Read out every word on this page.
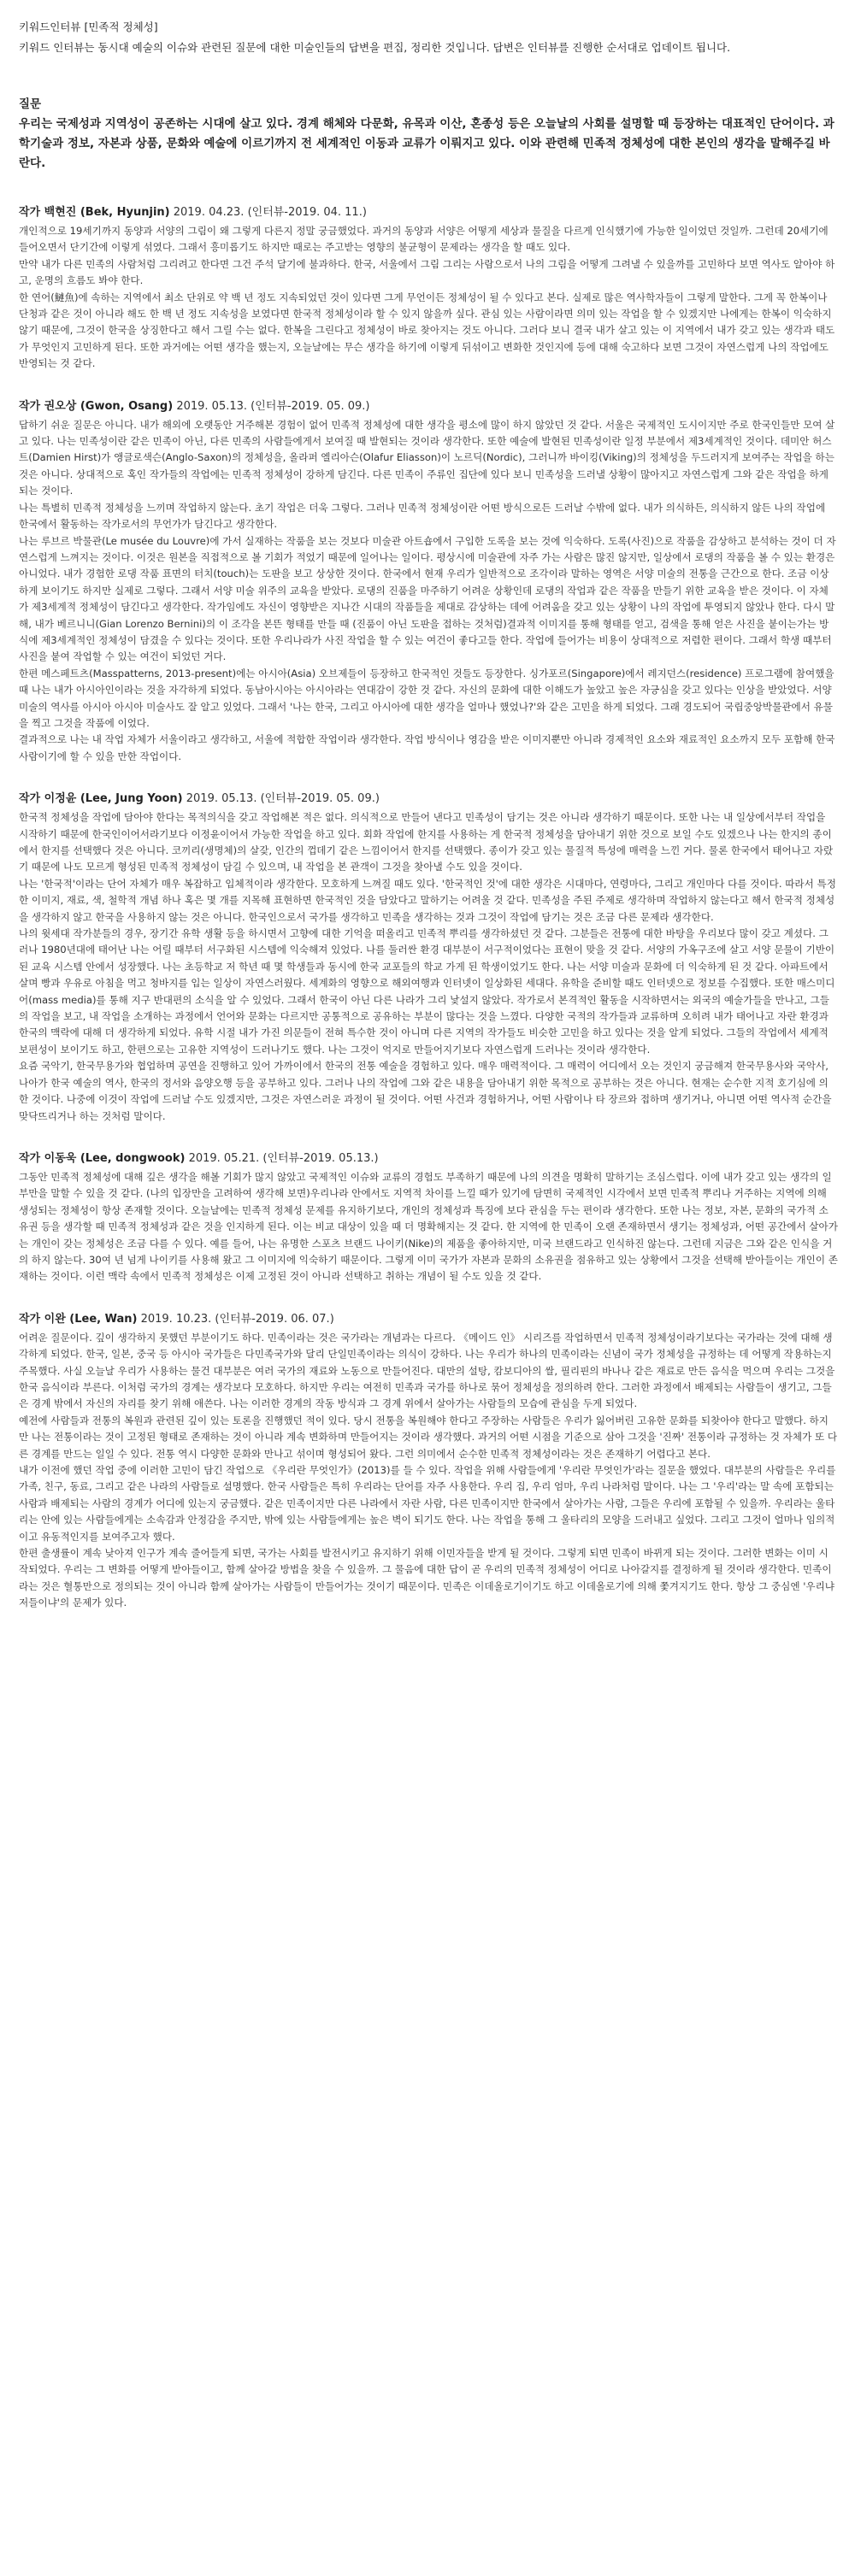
키워드인터뷰 [민족적 정체성]

키워드 인터뷰는 동시대 예술의 이슈와 관련된 질문에 대한 미술인들의 답변을 편집, 정리한 것입니다. 답변은 인터뷰를 진행한 순서대로 업데이트 됩니다.

질문

우리는 국제성과 지역성이 공존하는 시대에 살고 있다. 경계 해체와 다문화, 유목과 이산, 혼종성 등은 오늘날의 사회를 설명할 때 등장하는 대표적인 단어이다. 과학기술과 정보, 자본과 상품, 문화와 예술에 이르기까지 전 세계적인 이동과 교류가 이뤄지고 있다. 이와 관련해 민족적 정체성에 대한 본인의 생각을 말해주길 바란다.

작가 백현진 (Bek, Hyunjin) 2019. 04.23. (인터뷰-2019. 04. 11.)

개인적으로 19세기까지 동양과 서양의 그림이 왜 그렇게 다른지 정말 궁금했었다. 과거의 동양과 서양은 어떻게 세상과 물질을 다르게 인식했기에 가능한 일이었던 것일까. 그런데 20세기에 들어오면서 단기간에 이렇게 섞였다. 그래서 흥미롭기도 하지만 때로는 주고받는 영향의 불균형이 문제라는 생각을 할 때도 있다.

만약 내가 다른 민족의 사람처럼 그리려고 한다면 그건 주석 달기에 불과하다. 한국, 서울에서 그림 그리는 사람으로서 나의 그림을 어떻게 그려낼 수 있을까를 고민하다 보면 역사도 알아야 하고, 운명의 흐름도 봐야 한다.

한 연어(鰱魚)에 속하는 지역에서 최소 단위로 약 백 년 정도 지속되었던 것이 있다면 그게 무언이든 정체성이 될 수 있다고 본다. 실제로 많은 역사학자들이 그렇게 말한다. 그게 꼭 한복이나 단청과 같은 것이 아니라 해도 한 백 년 정도 지속성을 보였다면 한국적 정체성이라 할 수 있지 않을까 싶다. 관심 있는 사람이라면 의미 있는 작업을 할 수 있겠지만 나에게는 한복이 익숙하지 않기 때문에, 그것이 한국을 상징한다고 해서 그릴 수는 없다. 한복을 그린다고 정체성이 바로 찾아지는 것도 아니다. 그러다 보니 결국 내가 살고 있는 이 지역에서 내가 갖고 있는 생각과 태도가 무엇인지 고민하게 된다. 또한 과거에는 어떤 생각을 했는지, 오늘날에는 무슨 생각을 하기에 이렇게 뒤섞이고 변화한 것인지에 등에 대해 숙고하다 보면 그것이 자연스럽게 나의 작업에도 반영되는 것 같다.

작가 권오상 (Gwon, Osang) 2019. 05.13. (인터뷰-2019. 05. 09.)

답하기 쉬운 질문은 아니다. 내가 해외에 오랫동안 거주해본 경험이 없어 민족적 정체성에 대한 생각을 평소에 많이 하지 않았던 것 같다. 서울은 국제적인 도시이지만 주로 한국인들만 모여 살고 있다. 나는 민족성이란 같은 민족이 아닌, 다른 민족의 사람들에게서 보여질 때 발현되는 것이라 생각한다. 또한 예술에 발현된 민족성이란 일정 부분에서 제3세계적인 것이다. 데미안 허스트(Damien Hirst)가 앵글로색슨(Anglo-Saxon)의 정체성을, 올라퍼 엘리아슨(Olafur Eliasson)이 노르딕(Nordic), 그러니까 바이킹(Viking)의 정체성을 두드러지게 보여주는 작업을 하는 것은 아니다. 상대적으로 혹인 작가들의 작업에는 민족적 정체성이 강하게 담긴다. 다른 민족이 주류인 집단에 있다 보니 민족성을 드러낼 상황이 많아지고 자연스럽게 그와 같은 작업을 하게 되는 것이다.

나는 특별히 민족적 정체성을 느끼며 작업하지 않는다. 초기 작업은 더욱 그렇다. 그러나 민족적 정체성이란 어떤 방식으로든 드러날 수밖에 없다. 내가 의식하든, 의식하지 않든 나의 작업에 한국에서 활동하는 작가로서의 무언가가 담긴다고 생각한다.

나는 루브르 박물관(Le musée du Louvre)에 가서 실재하는 작품을 보는 것보다 미술관 아트숍에서 구입한 도록을 보는 것에 익숙하다. 도록(사진)으로 작품을 감상하고 분석하는 것이 더 자연스럽게 느껴지는 것이다. 이것은 원본을 직접적으로 볼 기회가 적었기 때문에 일어나는 일이다. 평상시에 미술관에 자주 가는 사람은 많진 않지만, 일상에서 로댕의 작품을 볼 수 있는 환경은 아니었다. 내가 경험한 로댕 작품 표면의 터치(touch)는 도판을 보고 상상한 것이다. 한국에서 현재 우리가 일반적으로 조각이라 말하는 영역은 서양 미술의 전통을 근간으로 한다. 조금 이상하게 보이기도 하지만 실제로 그렇다. 그래서 서양 미술 위주의 교육을 받았다. 로댕의 진품을 마주하기 어려운 상황인데 로댕의 작업과 같은 작품을 만들기 위한 교육을 받은 것이다. 이 자체가 제3세계적 정체성이 담긴다고 생각한다. 작가임에도 자신이 영향받은 지나간 시대의 작품들을 제대로 감상하는 데에 어려움을 갖고 있는 상황이 나의 작업에 투영되지 않았나 한다. 다시 말해, 내가 베르니니(Gian Lorenzo Bernini)의 이 조각을 본뜬 형태를 만들 때 (진품이 아닌 도판을 접하는 것처럼)결과적 이미지를 통해 형태를 얻고, 검색을 통해 얻은 사진을 붙이는가는 방식에 제3세계적인 정체성이 담겼을 수 있다는 것이다. 또한 우리나라가 사진 작업을 할 수 있는 여건이 좋다고들 한다. 작업에 들어가는 비용이 상대적으로 저렴한 편이다. 그래서 학생 때부터 사진을 붙여 작업할 수 있는 여건이 되었던 거다.

한편 메스페트츠(Masspatterns, 2013-present)에는 아시아(Asia) 오브제들이 등장하고 한국적인 것들도 등장한다. 싱가포르(Singapore)에서 레지던스(residence) 프로그램에 참여했을 때 나는 내가 아시아인이라는 것을 자각하게 되었다. 동남아시아는 아시아라는 연대감이 강한 것 같다. 자신의 문화에 대한 이해도가 높았고 높은 자긍심을 갖고 있다는 인상을 받았었다. 서양 미술의 역사를 아시아 아시아 미술사도 잘 알고 있었다. 그래서 '나는 한국, 그리고 아시아에 대한 생각을 얼마나 했었나?'와 같은 고민을 하게 되었다. 그래 경도되어 국립중앙박물관에서 유물을 찍고 그것을 작품에 이었다.

결과적으로 나는 내 작업 자체가 서울이라고 생각하고, 서울에 적합한 작업이라 생각한다. 작업 방식이나 영감을 받은 이미지뿐만 아니라 경제적인 요소와 재료적인 요소까지 모두 포함해 한국 사람이기에 할 수 있을 만한 작업이다.

작가 이정윤 (Lee, Jung Yoon) 2019. 05.13. (인터뷰-2019. 05. 09.)

한국적 정체성을 작업에 담아야 한다는 목적의식을 갖고 작업해본 적은 없다. 의식적으로 만들어 낸다고 민족성이 담기는 것은 아니라 생각하기 때문이다. 또한 나는 내 일상에서부터 작업을 시작하기 때문에 한국인이어서라기보다 이정윤이어서 가능한 작업을 하고 있다. 회화 작업에 한지를 사용하는 게 한국적 정체성을 담아내기 위한 것으로 보일 수도 있겠으나 나는 한지의 종이에서 한지를 선택했다 것은 아니다. 코끼리(생명체)의 살갗, 인간의 껍데기 같은 느낌이어서 한지를 선택했다. 종이가 갖고 있는 물질적 특성에 매력을 느낀 거다. 물론 한국에서 태어나고 자랐기 때문에 나도 모르게 형성된 민족적 정체성이 담길 수 있으며, 내 작업을 본 관객이 그것을 찾아낼 수도 있을 것이다.

나는 '한국적'이라는 단어 자체가 매우 복잡하고 입체적이라 생각한다. 모호하게 느껴질 때도 있다. '한국적인 것'에 대한 생각은 시대마다, 연령마다, 그리고 개인마다 다를 것이다. 따라서 특정한 이미지, 재료, 색, 철학적 개념 하나 혹은 몇 개를 지목해 표현하면 한국적인 것을 담았다고 말하기는 어려울 것 같다. 민족성을 주된 주제로 생각하며 작업하지 않는다고 해서 한국적 정체성을 생각하지 않고 한국을 사용하지 않는 것은 아니다. 한국인으로서 국가를 생각하고 민족을 생각하는 것과 그것이 작업에 담기는 것은 조금 다른 문제라 생각한다.

나의 윗세대 작가분들의 경우, 장기간 유학 생활 등을 하시면서 고향에 대한 기억을 떠올리고 민족적 뿌리를 생각하셨던 것 같다. 그분들은 전통에 대한 바탕을 우리보다 많이 갖고 계셨다. 그러나 1980년대에 태어난 나는 어릴 때부터 서구화된 시스템에 익숙해져 있었다. 나를 둘러싼 환경 대부분이 서구적이었다는 표현이 맞을 것 같다. 서양의 가옥구조에 살고 서양 문물이 기반이 된 교육 시스템 안에서 성장했다. 나는 초등학교 저 학년 때 몇 학생들과 동시에 한국 교포들의 학교 가게 된 학생이었기도 한다. 나는 서양 미술과 문화에 더 익숙하게 된 것 같다. 아파트에서 살며 빵과 우유로 아침을 먹고 청바지를 입는 일상이 자연스러웠다. 세계화의 영향으로 해외여행과 인터넷이 일상화된 세대다. 유학을 준비할 때도 인터넷으로 정보를 수집했다. 또한 매스미디어(mass media)를 통해 지구 반대편의 소식을 알 수 있었다. 그래서 한국이 아닌 다른 나라가 그리 낯설지 않았다. 작가로서 본격적인 활동을 시작하면서는 외국의 예술가들을 만나고, 그들의 작업을 보고, 내 작업을 소개하는 과정에서 언어와 문화는 다르지만 공통적으로 공유하는 부분이 많다는 것을 느꼈다. 다양한 국적의 작가들과 교류하며 오히려 내가 태어나고 자란 환경과 한국의 맥락에 대해 더 생각하게 되었다. 유학 시절 내가 가진 의문들이 전혀 특수한 것이 아니며 다른 지역의 작가들도 비슷한 고민을 하고 있다는 것을 알게 되었다. 그들의 작업에서 세계적 보편성이 보이기도 하고, 한편으로는 고유한 지역성이 드러나기도 했다. 나는 그것이 억지로 만들어지기보다 자연스럽게 드러나는 것이라 생각한다.

요즘 국악기, 한국무용가와 협업하며 공연을 진행하고 있어 가까이에서 한국의 전통 예술을 경험하고 있다. 매우 매력적이다. 그 매력이 어디에서 오는 것인지 궁금해져 한국무용사와 국악사, 나아가 한국 예술의 역사, 한국의 정서와 음양오행 등을 공부하고 있다. 그러나 나의 작업에 그와 같은 내용을 담아내기 위한 목적으로 공부하는 것은 아니다. 현재는 순수한 지적 호기심에 의한 것이다. 나중에 이것이 작업에 드러날 수도 있겠지만, 그것은 자연스러운 과정이 될 것이다. 어떤 사건과 경험하거나, 어떤 사람이나 타 장르와 접하며 생기거나, 아니면 어떤 역사적 순간을 맞닥뜨리거나 하는 것처럼 말이다.

작가 이동욱 (Lee, dongwook) 2019. 05.21. (인터뷰-2019. 05.13.)

그동안 민족적 정체성에 대해 깊은 생각을 해볼 기회가 많지 않았고 국제적인 이슈와 교류의 경험도 부족하기 때문에 나의 의견을 명확히 말하기는 조심스럽다. 이에 내가 갖고 있는 생각의 일부만을 말할 수 있을 것 같다. (나의 입장만을 고려하여 생각해 보면)우리나라 안에서도 지역적 차이를 느낄 때가 있기에 담면히 국제적인 시각에서 보면 민족적 뿌리나 거주하는 지역에 의해 생성되는 정체성이 항상 존재할 것이다. 오늘날에는 민족적 정체성 문제를 유지하기보다, 개인의 정체성과 특징에 보다 관심을 두는 편이라 생각한다. 또한 나는 정보, 자본, 문화의 국가적 소유권 등을 생각할 때 민족적 정체성과 같은 것을 인지하게 된다. 이는 비교 대상이 있을 때 더 명확해지는 것 같다. 한 지역에 한 민족이 오랜 존재하면서 생기는 정체성과, 어떤 공간에서 살아가는 개인이 갖는 정체성은 조금 다를 수 있다. 예를 들어, 나는 유명한 스포츠 브랜드 나이키(Nike)의 제품을 좋아하지만, 미국 브랜드라고 인식하진 않는다. 그런데 지금은 그와 같은 인식을 거의 하지 않는다. 30여 년 넘게 나이키를 사용해 왔고 그 이미지에 익숙하기 때문이다. 그렇게 이미 국가가 자본과 문화의 소유권을 점유하고 있는 상황에서 그것을 선택해 받아들이는 개인이 존재하는 것이다. 이런 맥락 속에서 민족적 정체성은 이제 고정된 것이 아니라 선택하고 취하는 개념이 될 수도 있을 것 같다.

작가 이완 (Lee, Wan) 2019. 10.23. (인터뷰-2019. 06. 07.)

어려운 질문이다. 깊이 생각하지 못했던 부분이기도 하다. 민족이라는 것은 국가라는 개념과는 다르다. 《메이드 인》 시리즈를 작업하면서 민족적 정체성이라기보다는 국가라는 것에 대해 생각하게 되었다. 한국, 일본, 중국 등 아시아 국가들은 다민족국가와 달리 단일민족이라는 의식이 강하다. 나는 우리가 하나의 민족이라는 신념이 국가 정체성을 규정하는 데 어떻게 작용하는지 주목했다. 사실 오늘날 우리가 사용하는 물건 대부분은 여러 국가의 재료와 노동으로 만들어진다. 대만의 설탕, 캄보디아의 쌀, 필리핀의 바나나 같은 재료로 만든 음식을 먹으며 우리는 그것을 한국 음식이라 부른다. 이처럼 국가의 경계는 생각보다 모호하다. 하지만 우리는 여전히 민족과 국가를 하나로 묶어 정체성을 정의하려 한다. 그러한 과정에서 배제되는 사람들이 생기고, 그들은 경계 밖에서 자신의 자리를 찾기 위해 애쓴다. 나는 이러한 경계의 작동 방식과 그 경계 위에서 살아가는 사람들의 모습에 관심을 두게 되었다.

예전에 사람들과 전통의 복원과 관련된 깊이 있는 토론을 진행했던 적이 있다. 당시 전통을 복원해야 한다고 주장하는 사람들은 우리가 잃어버린 고유한 문화를 되찾아야 한다고 말했다. 하지만 나는 전통이라는 것이 고정된 형태로 존재하는 것이 아니라 계속 변화하며 만들어지는 것이라 생각했다. 과거의 어떤 시점을 기준으로 삼아 그것을 '진짜' 전통이라 규정하는 것 자체가 또 다른 경계를 만드는 일일 수 있다. 전통 역시 다양한 문화와 만나고 섞이며 형성되어 왔다. 그런 의미에서 순수한 민족적 정체성이라는 것은 존재하기 어렵다고 본다.

내가 이전에 했던 작업 중에 이러한 고민이 담긴 작업으로 《우리란 무엇인가》(2013)를 들 수 있다. 작업을 위해 사람들에게 '우리란 무엇인가'라는 질문을 했었다. 대부분의 사람들은 우리를 가족, 친구, 동료, 그리고 같은 나라의 사람들로 설명했다. 한국 사람들은 특히 우리라는 단어를 자주 사용한다. 우리 집, 우리 엄마, 우리 나라처럼 말이다. 나는 그 '우리'라는 말 속에 포함되는 사람과 배제되는 사람의 경계가 어디에 있는지 궁금했다. 같은 민족이지만 다른 나라에서 자란 사람, 다른 민족이지만 한국에서 살아가는 사람, 그들은 우리에 포함될 수 있을까. 우리라는 울타리는 안에 있는 사람들에게는 소속감과 안정감을 주지만, 밖에 있는 사람들에게는 높은 벽이 되기도 한다. 나는 작업을 통해 그 울타리의 모양을 드러내고 싶었다. 그리고 그것이 얼마나 임의적이고 유동적인지를 보여주고자 했다.

한편 출생률이 계속 낮아져 인구가 계속 줄어들게 되면, 국가는 사회를 발전시키고 유지하기 위해 이민자들을 받게 될 것이다. 그렇게 되면 민족이 바뀌게 되는 것이다. 그러한 변화는 이미 시작되었다. 우리는 그 변화를 어떻게 받아들이고, 함께 살아갈 방법을 찾을 수 있을까. 그 물음에 대한 답이 곧 우리의 민족적 정체성이 어디로 나아갈지를 결정하게 될 것이라 생각한다. 민족이라는 것은 혈통만으로 정의되는 것이 아니라 함께 살아가는 사람들이 만들어가는 것이기 때문이다. 민족은 이데올로기이기도 하고 이데올로기에 의해 쫓겨지기도 한다. 항상 그 중심엔 '우리냐 저들이냐'의 문제가 있다.
